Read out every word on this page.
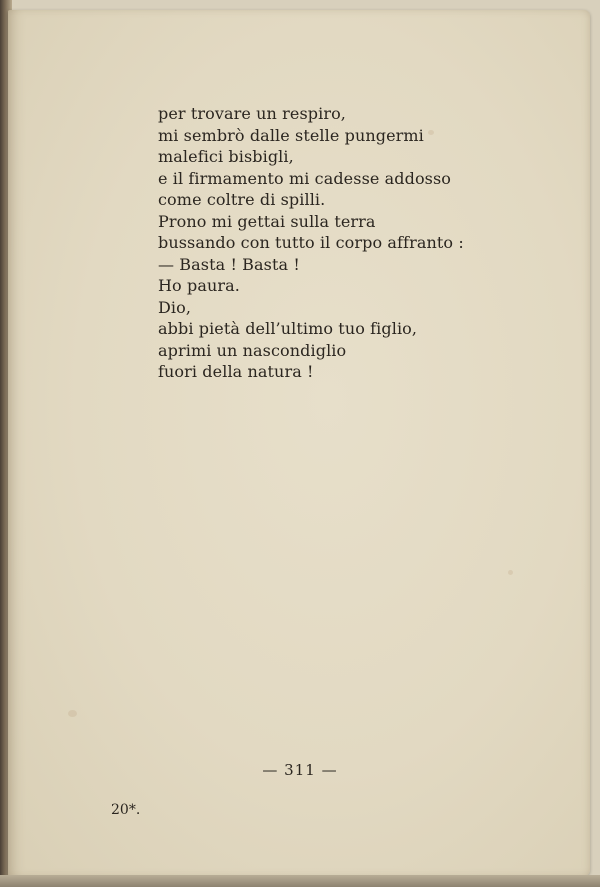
per trovare un respiro,
mi sembrò dalle stelle pungermi
malefici bisbigli,
e il firmamento mi cadesse addosso
come coltre di spilli.
Prono mi gettai sulla terra
bussando con tutto il corpo affranto :
— Basta ! Basta !
Ho paura.
Dio,
abbi pietà dell’ultimo tuo figlio,
aprimi un nascondiglio
fuori della natura !
— 311 —
20*.
